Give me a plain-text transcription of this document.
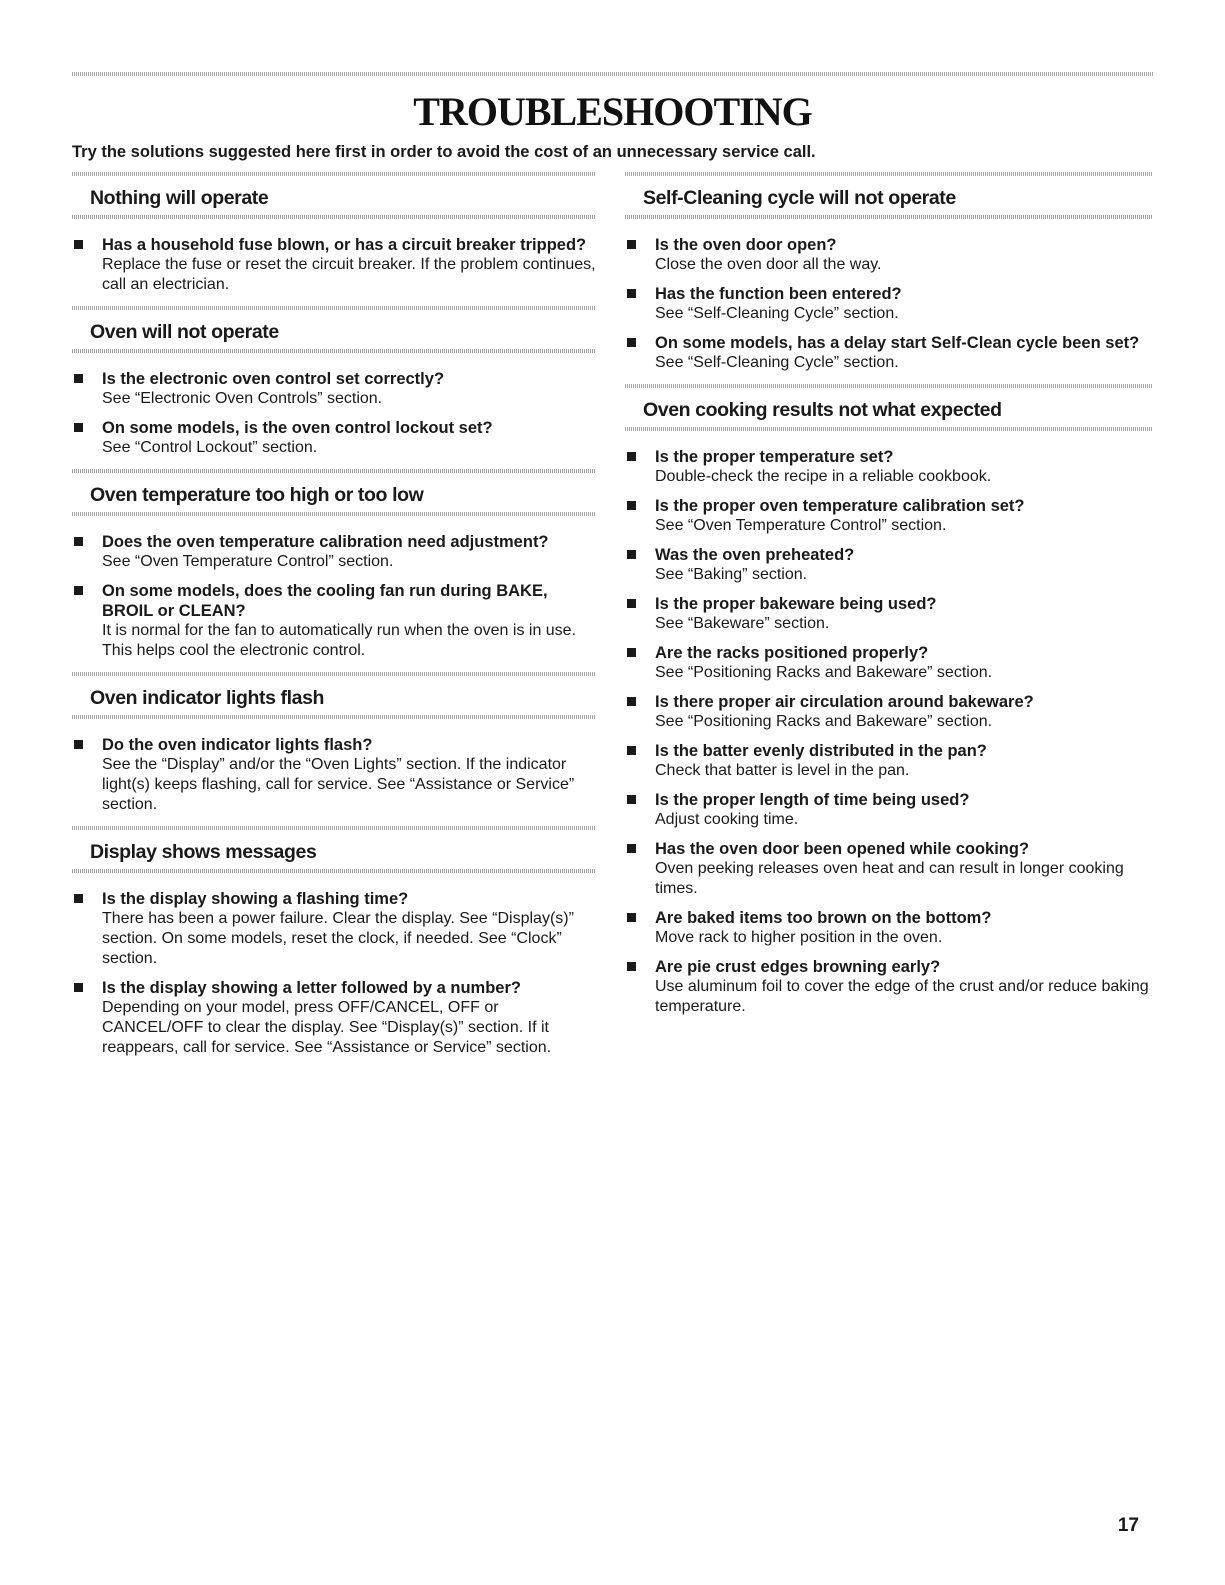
TROUBLESHOOTING

Try the solutions suggested here first in order to avoid the cost of an unnecessary service call.

Nothing will operate
Has a household fuse blown, or has a circuit breaker tripped?
Replace the fuse or reset the circuit breaker. If the problem continues, call an electrician.
Oven will not operate
Is the electronic oven control set correctly?
See “Electronic Oven Controls” section.
On some models, is the oven control lockout set?
See “Control Lockout” section.
Oven temperature too high or too low
Does the oven temperature calibration need adjustment?
See “Oven Temperature Control” section.
On some models, does the cooling fan run during BAKE, BROIL or CLEAN?
It is normal for the fan to automatically run when the oven is in use. This helps cool the electronic control.
Oven indicator lights flash
Do the oven indicator lights flash?
See the “Display” and/or the “Oven Lights” section. If the indicator light(s) keeps flashing, call for service. See “Assistance or Service” section.
Display shows messages
Is the display showing a flashing time?
There has been a power failure. Clear the display. See “Display(s)” section. On some models, reset the clock, if needed. See “Clock” section.
Is the display showing a letter followed by a number?
Depending on your model, press OFF/CANCEL, OFF or CANCEL/OFF to clear the display. See “Display(s)” section. If it reappears, call for service. See “Assistance or Service” section.
Self-Cleaning cycle will not operate
Is the oven door open?
Close the oven door all the way.
Has the function been entered?
See “Self-Cleaning Cycle” section.
On some models, has a delay start Self-Clean cycle been set?
See “Self-Cleaning Cycle” section.
Oven cooking results not what expected
Is the proper temperature set?
Double-check the recipe in a reliable cookbook.
Is the proper oven temperature calibration set?
See “Oven Temperature Control” section.
Was the oven preheated?
See “Baking” section.
Is the proper bakeware being used?
See “Bakeware” section.
Are the racks positioned properly?
See “Positioning Racks and Bakeware” section.
Is there proper air circulation around bakeware?
See “Positioning Racks and Bakeware” section.
Is the batter evenly distributed in the pan?
Check that batter is level in the pan.
Is the proper length of time being used?
Adjust cooking time.
Has the oven door been opened while cooking?
Oven peeking releases oven heat and can result in longer cooking times.
Are baked items too brown on the bottom?
Move rack to higher position in the oven.
Are pie crust edges browning early?
Use aluminum foil to cover the edge of the crust and/or reduce baking temperature.

17
